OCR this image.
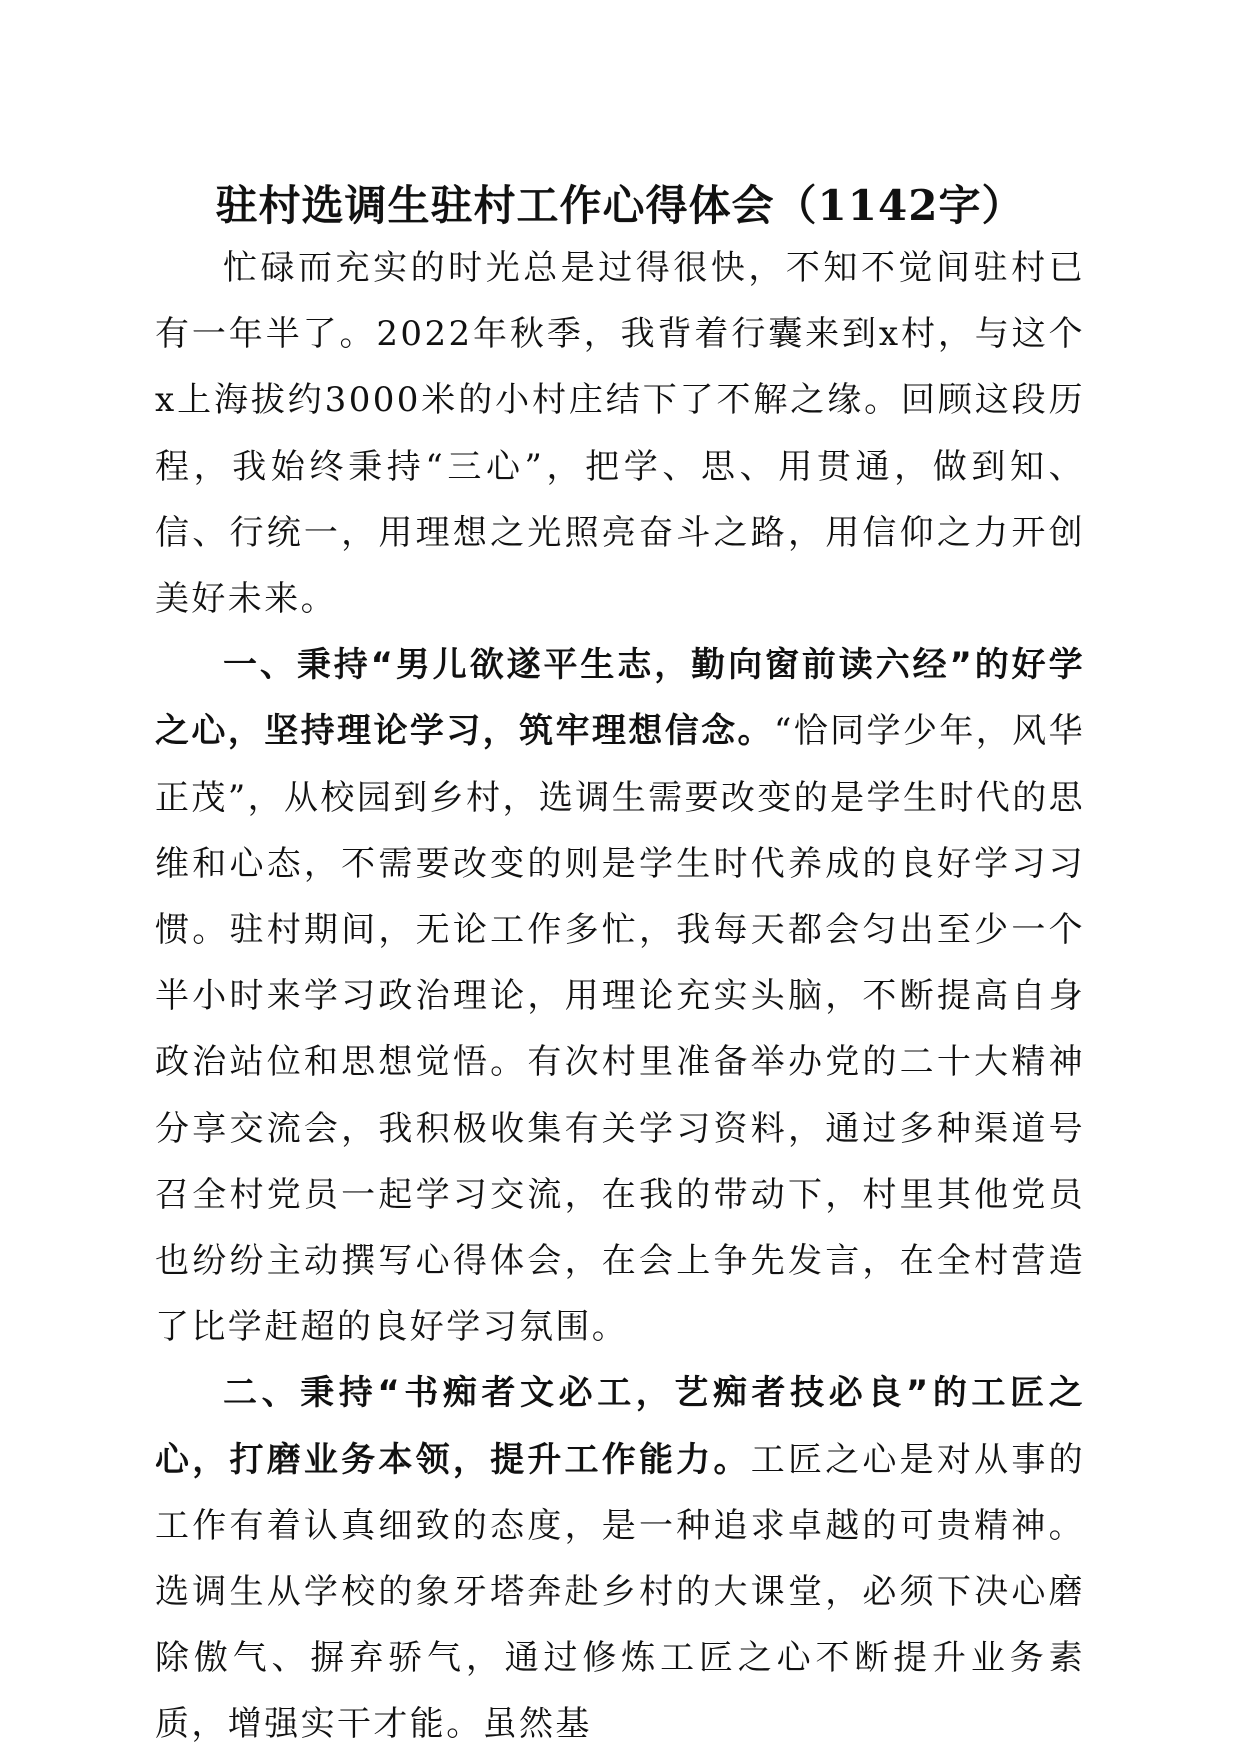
驻村选调生驻村工作心得体会（1142字）

忙碌而充实的时光总是过得很快，不知不觉间驻村已有一年半了。2022年秋季，我背着行囊来到x村，与这个x上海拔约3000米的小村庄结下了不解之缘。回顾这段历程，我始终秉持“三心”，把学、思、用贯通，做到知、信、行统一，用理想之光照亮奋斗之路，用信仰之力开创美好未来。

一、秉持“男儿欲遂平生志，勤向窗前读六经”的好学之心，坚持理论学习，筑牢理想信念。“恰同学少年，风华正茂”，从校园到乡村，选调生需要改变的是学生时代的思维和心态，不需要改变的则是学生时代养成的良好学习习惯。驻村期间，无论工作多忙，我每天都会匀出至少一个半小时来学习政治理论，用理论充实头脑，不断提高自身政治站位和思想觉悟。有次村里准备举办党的二十大精神分享交流会，我积极收集有关学习资料，通过多种渠道号召全村党员一起学习交流，在我的带动下，村里其他党员也纷纷主动撰写心得体会，在会上争先发言，在全村营造了比学赶超的良好学习氛围。

二、秉持“书痴者文必工，艺痴者技必良”的工匠之心，打磨业务本领，提升工作能力。工匠之心是对从事的工作有着认真细致的态度，是一种追求卓越的可贵精神。选调生从学校的象牙塔奔赴乡村的大课堂，必须下决心磨除傲气、摒弃骄气，通过修炼工匠之心不断提升业务素质，增强实干才能。虽然基
